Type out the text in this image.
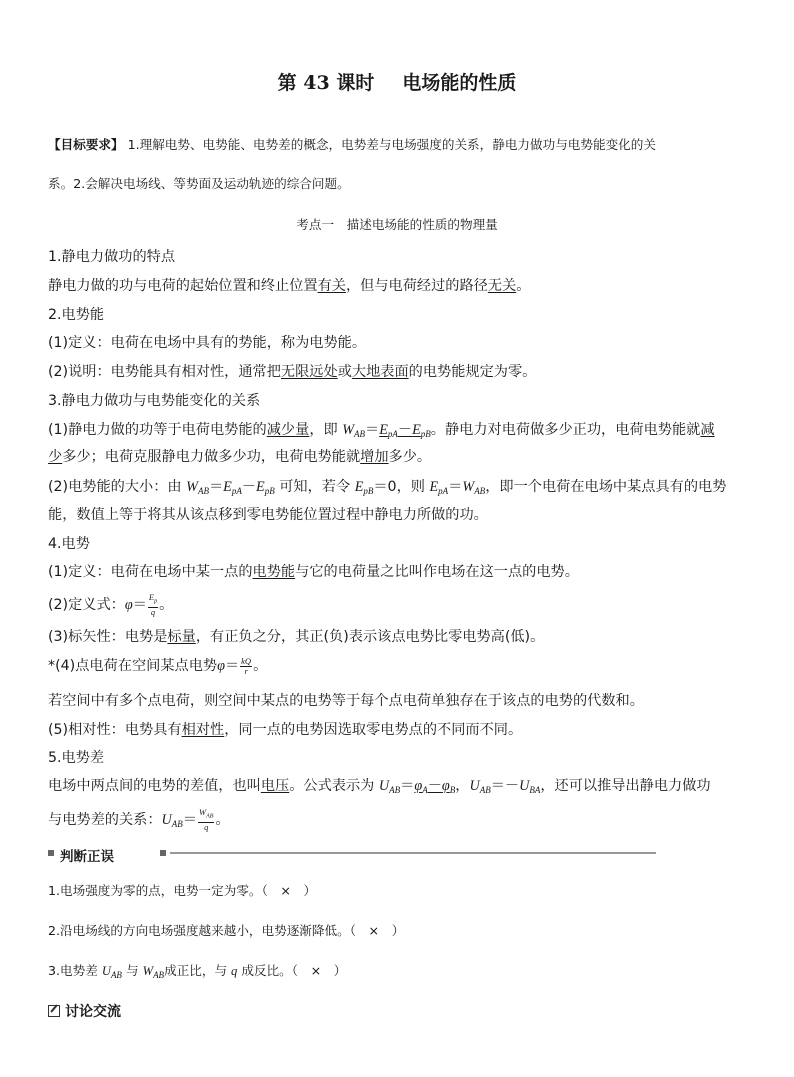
第 43 课时 电场能的性质
【目标要求】 1.理解电势、电势能、电势差的概念，电势差与电场强度的关系，静电力做功与电势能变化的关
系。2.会解决电场线、等势面及运动轨迹的综合问题。
考点一　描述电场能的性质的物理量
1.静电力做功的特点
静电力做的功与电荷的起始位置和终止位置有关，但与电荷经过的路径无关。
2.电势能
(1)定义：电荷在电场中具有的势能，称为电势能。
(2)说明：电势能具有相对性，通常把无限远处或大地表面的电势能规定为零。
3.静电力做功与电势能变化的关系
(1)静电力做的功等于电荷电势能的减少量，即 $W_{AB}=E_{pA}-E_{pB}$。静电力对电荷做多少正功，电荷电势能就减
少多少；电荷克服静电力做多少功，电荷电势能就增加多少。
(2)电势能的大小：由 $W_{AB}=E_{pA}-E_{pB}$ 可知，若令 $E_{pB}=0$，则 $E_{pA}=W_{AB}$，即一个电荷在电场中某点具有的电势
能，数值上等于将其从该点移到零电势能位置过程中静电力所做的功。
4.电势
(1)定义：电荷在电场中某一点的电势能与它的电荷量之比叫作电场在这一点的电势。
(2)定义式：$\varphi= \frac{E_p}{q}$ 。
(3)标矢性：电势是标量，有正负之分，其正(负)表示该点电势比零电势高(低)。
*(4)点电荷在空间某点电势$\varphi= \frac{kQ}{r}$ 。
若空间中有多个点电荷，则空间中某点的电势等于每个点电荷单独存在于该点的电势的代数和。
(5)相对性：电势具有相对性，同一点的电势因选取零电势点的不同而不同。
5.电势差
电场中两点间的电势的差值，也叫电压。公式表示为 $U_{AB}=\varphi_A-\varphi_B$，$U_{AB}=-U_{BA}$，还可以推导出静电力做功
与电势差的关系：$U_{AB}= \frac{W_{AB}}{q}$ 。
判断正误
1.电场强度为零的点，电势一定为零。（　×　）
2.沿电场线的方向电场强度越来越小，电势逐渐降低。（　×　）
3.电势差 $U_{AB}$ 与 $W_{AB}$成正比，与 q 成反比。（　×　）
讨论交流
